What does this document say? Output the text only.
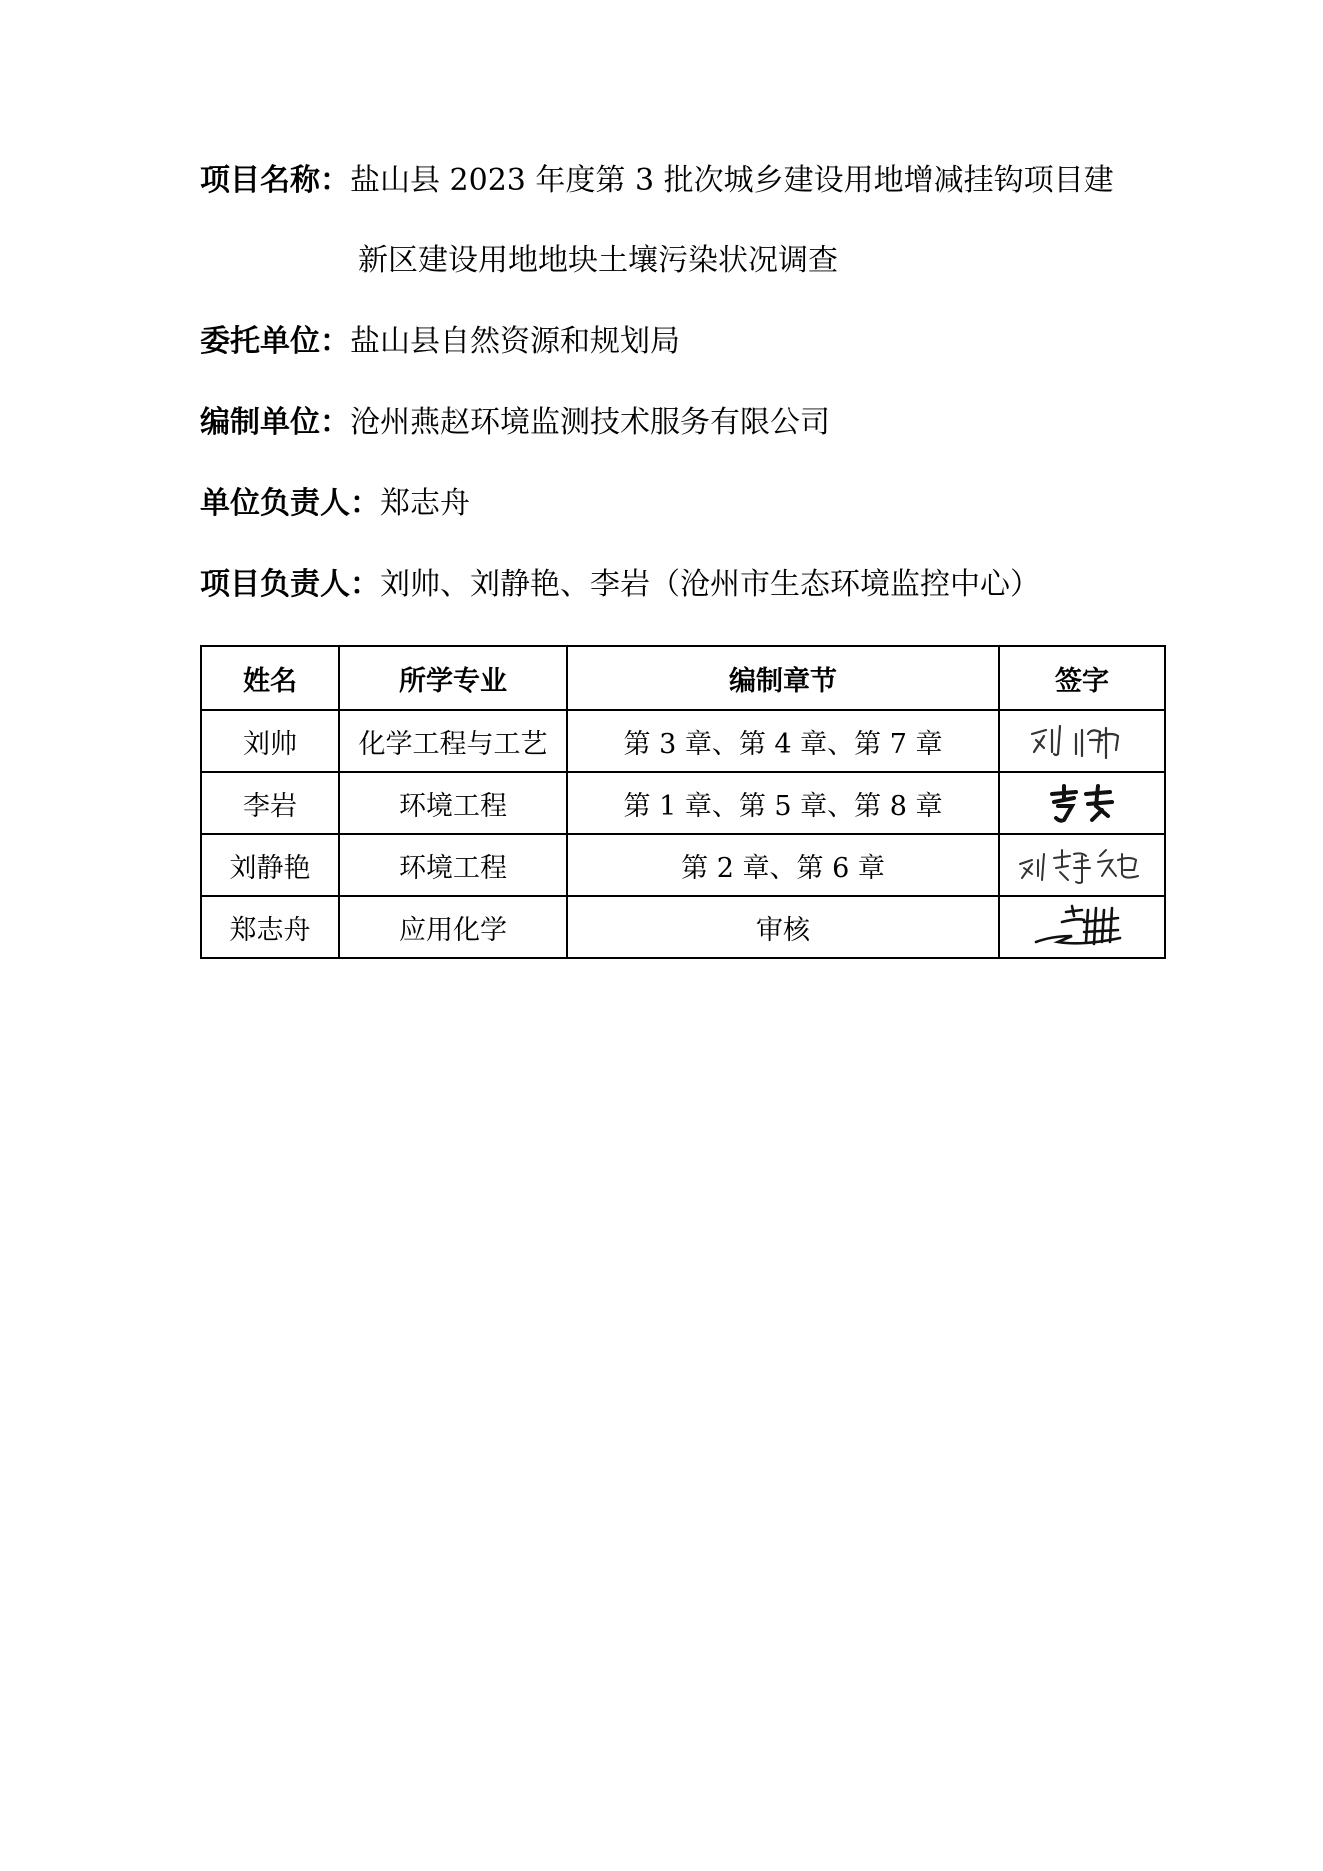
项目名称：盐山县 2023 年度第 3 批次城乡建设用地增减挂钩项目建
新区建设用地地块土壤污染状况调查
委托单位：盐山县自然资源和规划局
编制单位：沧州燕赵环境监测技术服务有限公司
单位负责人：郑志舟
项目负责人：刘帅、刘静艳、李岩（沧州市生态环境监控中心）
姓名	所学专业	编制章节	签字
刘帅	化学工程与工艺	第 3 章、第 4 章、第 7 章	

李岩	环境工程	第 1 章、第 5 章、第 8 章	

刘静艳	环境工程	第 2 章、第 6 章	

郑志舟	应用化学	审核	
